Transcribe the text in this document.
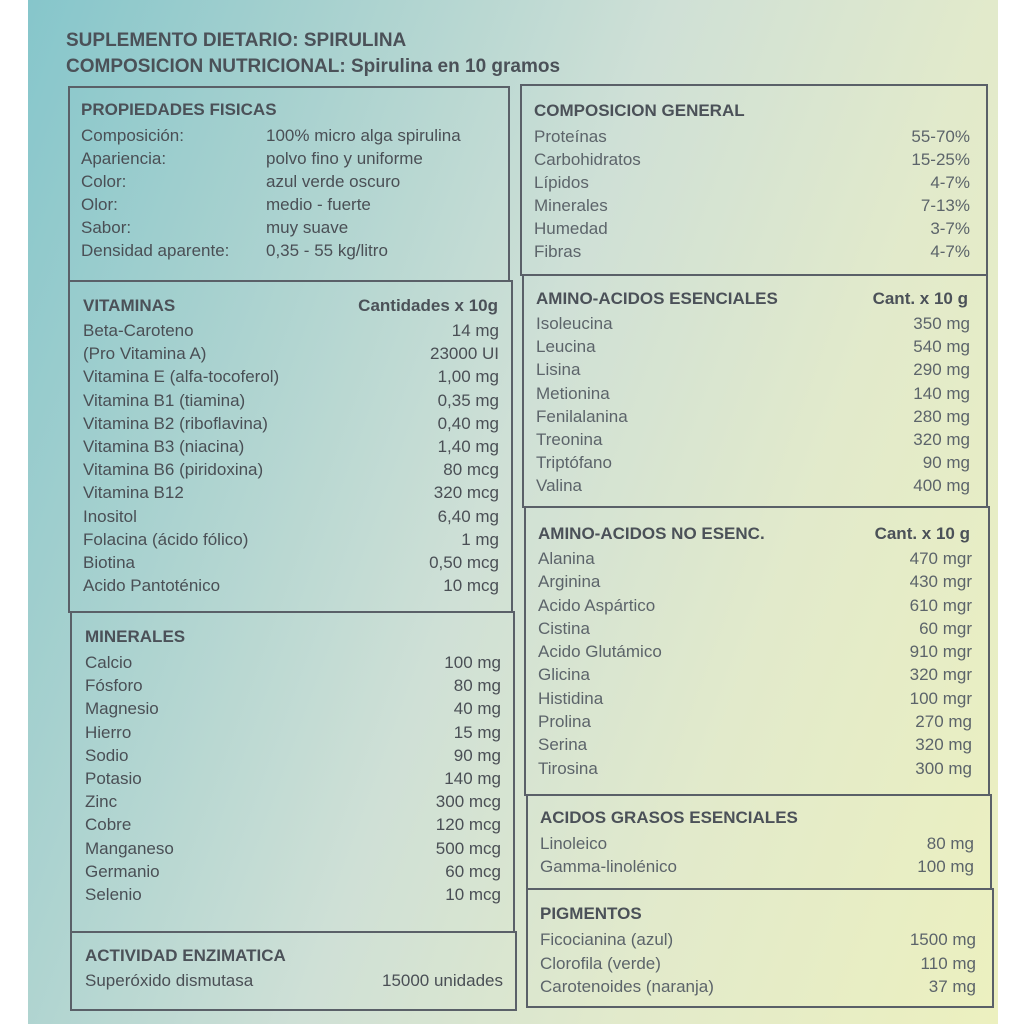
SUPLEMENTO DIETARIO: SPIRULINA
COMPOSICION NUTRICIONAL: Spirulina en 10 gramos
PROPIEDADES FISICAS
Composición:	100% micro alga spirulina
Apariencia:	polvo fino y uniforme
Color:	azul verde oscuro
Olor:	medio - fuerte
Sabor:	muy suave
Densidad aparente: 0,35 - 55 kg/litro
VITAMINAS	Cantidades x 10g
Beta-Caroteno	14 mg
(Pro Vitamina A)	23000 UI
Vitamina E (alfa-tocoferol)	1,00 mg
Vitamina B1 (tiamina)	0,35 mg
Vitamina B2 (riboflavina)	0,40 mg
Vitamina B3 (niacina)	1,40 mg
Vitamina B6 (piridoxina)	80 mcg
Vitamina B12	320 mcg
Inositol	6,40 mg
Folacina (ácido fólico)	1 mg
Biotina	0,50 mcg
Acido Pantoténico	10 mcg
MINERALES
Calcio	100 mg
Fósforo	80 mg
Magnesio	40 mg
Hierro	15 mg
Sodio	90 mg
Potasio	140 mg
Zinc	300 mcg
Cobre	120 mcg
Manganeso	500 mcg
Germanio	60 mcg
Selenio	10 mcg
ACTIVIDAD ENZIMATICA
Superóxido dismutasa	15000 unidades
COMPOSICION GENERAL
Proteínas	55-70%
Carbohidratos	15-25%
Lípidos	4-7%
Minerales	7-13%
Humedad	3-7%
Fibras	4-7%
AMINO-ACIDOS ESENCIALES	Cant. x 10 g
Isoleucina	350 mg
Leucina	540 mg
Lisina	290 mg
Metionina	140 mg
Fenilalanina	280 mg
Treonina	320 mg
Triptófano	90 mg
Valina	400 mg
AMINO-ACIDOS NO ESENC.	Cant. x 10 g
Alanina	470 mgr
Arginina	430 mgr
Acido Aspártico	610 mgr
Cistina	60 mgr
Acido Glutámico	910 mgr
Glicina	320 mgr
Histidina	100 mgr
Prolina	270 mg
Serina	320 mg
Tirosina	300 mg
ACIDOS GRASOS ESENCIALES
Linoleico	80 mg
Gamma-linolénico	100 mg
PIGMENTOS
Ficocianina (azul)	1500 mg
Clorofila (verde)	110 mg
Carotenoides (naranja)	37 mg
